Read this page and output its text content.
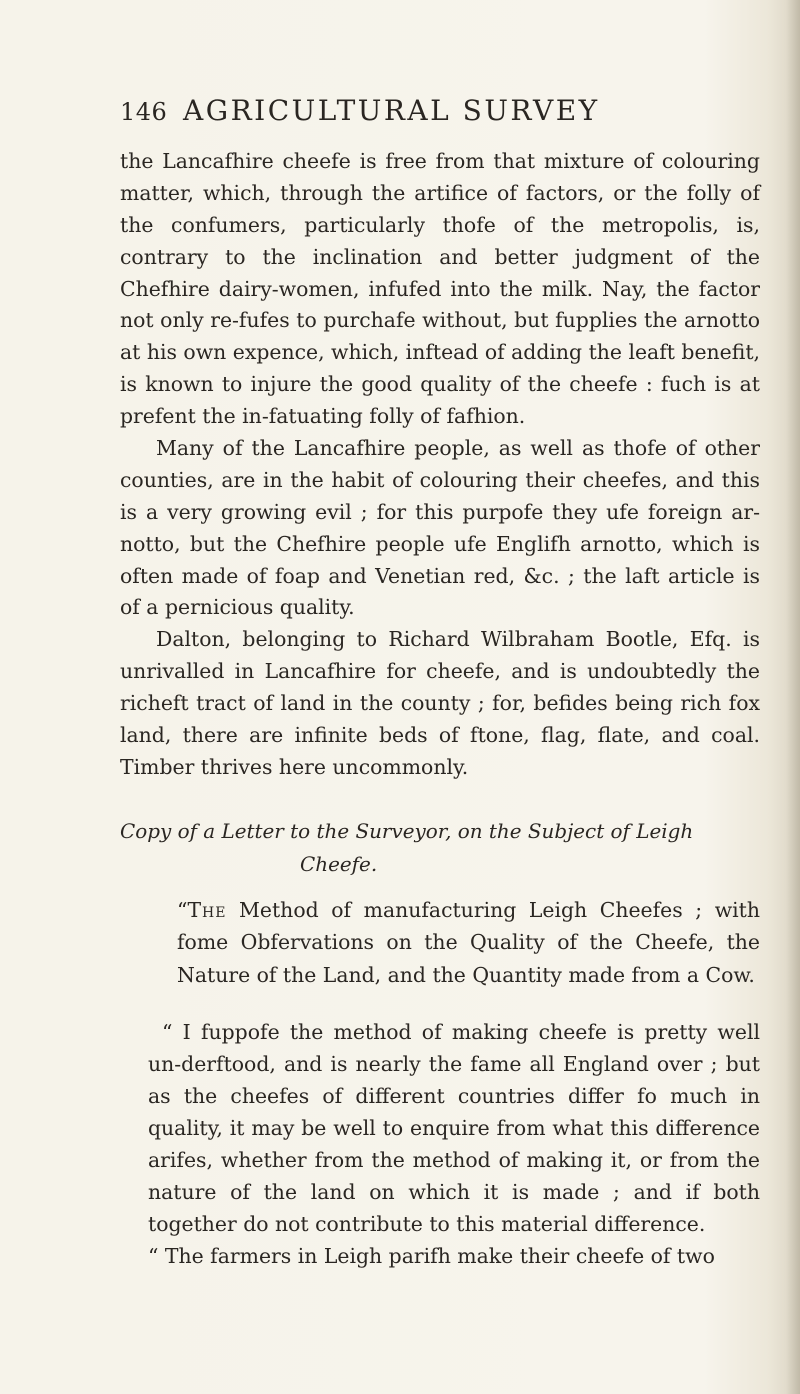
146 AGRICULTURAL SURVEY

the Lancafhire cheefe is free from that mixture of colouring matter, which, through the artifice of factors, or the folly of the confumers, particularly thofe of the metropolis, is, contrary to the inclination and better judgment of the Chefhire dairy-women, infufed into the milk. Nay, the factor not only re-fufes to purchafe without, but fupplies the arnotto at his own expence, which, inftead of adding the leaft benefit, is known to injure the good quality of the cheefe : fuch is at prefent the in-fatuating folly of fafhion.

Many of the Lancafhire people, as well as thofe of other counties, are in the habit of colouring their cheefes, and this is a very growing evil ; for this purpofe they ufe foreign ar-notto, but the Chefhire people ufe Englifh arnotto, which is often made of foap and Venetian red, &c. ; the laft article is of a pernicious quality.

Dalton, belonging to Richard Wilbraham Bootle, Efq. is unrivalled in Lancafhire for cheefe, and is undoubtedly the richeft tract of land in the county ; for, befides being rich fox land, there are infinite beds of ftone, flag, flate, and coal. Timber thrives here uncommonly.

Copy of a Letter to the Surveyor, on the Subject of Leigh
Cheefe.
“The Method of manufacturing Leigh Cheefes ; with fome Obfervations on the Quality of the Cheefe, the Nature of the Land, and the Quantity made from a Cow.

“ I fuppofe the method of making cheefe is pretty well un-derftood, and is nearly the fame all England over ; but as the cheefes of different countries differ fo much in quality, it may be well to enquire from what this difference arifes, whether from the method of making it, or from the nature of the land on which it is made ; and if both together do not contribute to this material difference.

“ The farmers in Leigh parifh make their cheefe of two
